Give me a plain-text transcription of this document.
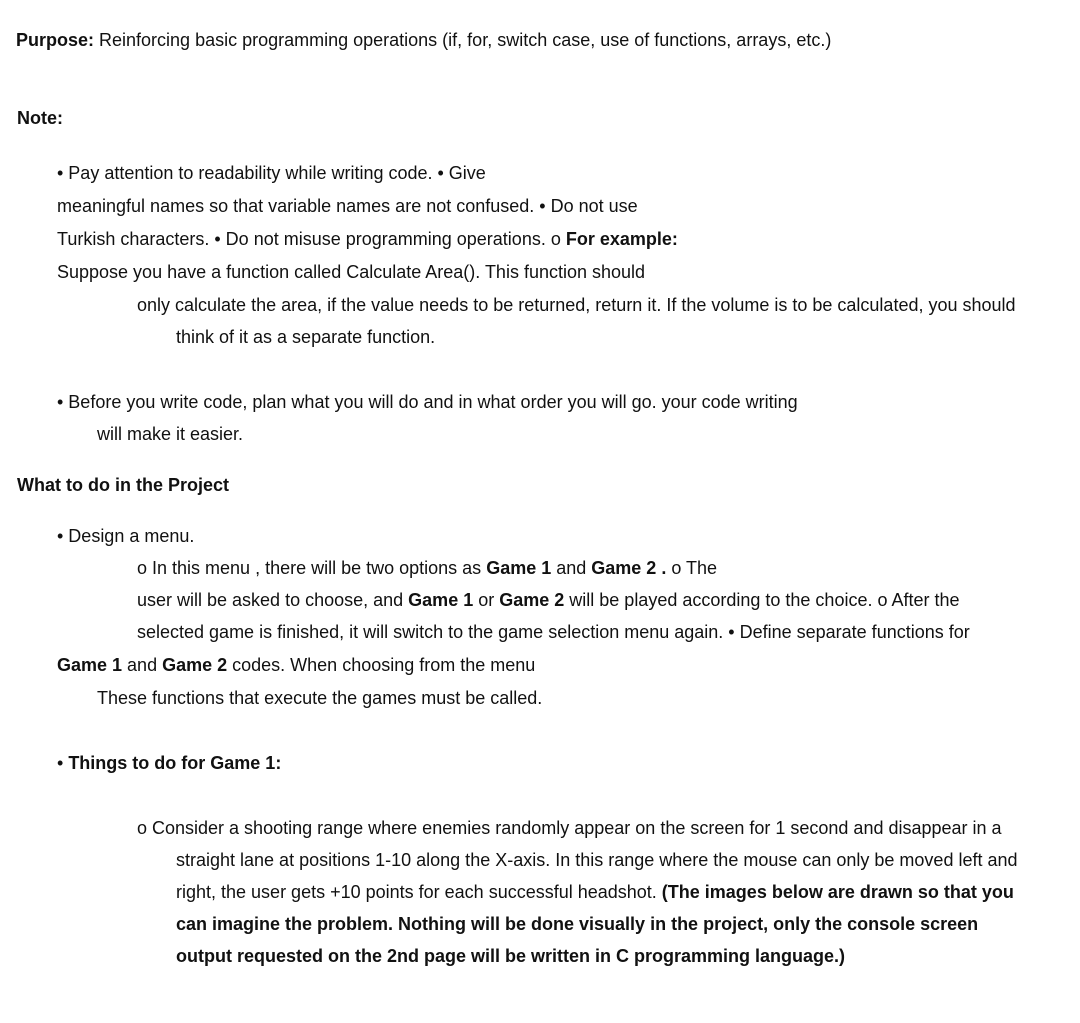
Purpose: Reinforcing basic programming operations (if, for, switch case, use of functions, arrays, etc.)
Note:
• Pay attention to readability while writing code. • Give
meaningful names so that variable names are not confused. • Do not use
Turkish characters. • Do not misuse programming operations. o For example:
Suppose you have a function called Calculate Area(). This function should
only calculate the area, if the value needs to be returned, return it. If the volume is to be calculated, you should
think of it as a separate function.
• Before you write code, plan what you will do and in what order you will go. your code writing
will make it easier.
What to do in the Project
• Design a menu.
o In this menu , there will be two options as Game 1 and Game 2 . o The
user will be asked to choose, and Game 1 or Game 2 will be played according to the choice. o After the
selected game is finished, it will switch to the game selection menu again. • Define separate functions for
Game 1 and Game 2 codes. When choosing from the menu
These functions that execute the games must be called.
• Things to do for Game 1:
o Consider a shooting range where enemies randomly appear on the screen for 1 second and disappear in a
straight lane at positions 1-10 along the X-axis. In this range where the mouse can only be moved left and
right, the user gets +10 points for each successful headshot. (The images below are drawn so that you
can imagine the problem. Nothing will be done visually in the project, only the console screen
output requested on the 2nd page will be written in C programming language.)
